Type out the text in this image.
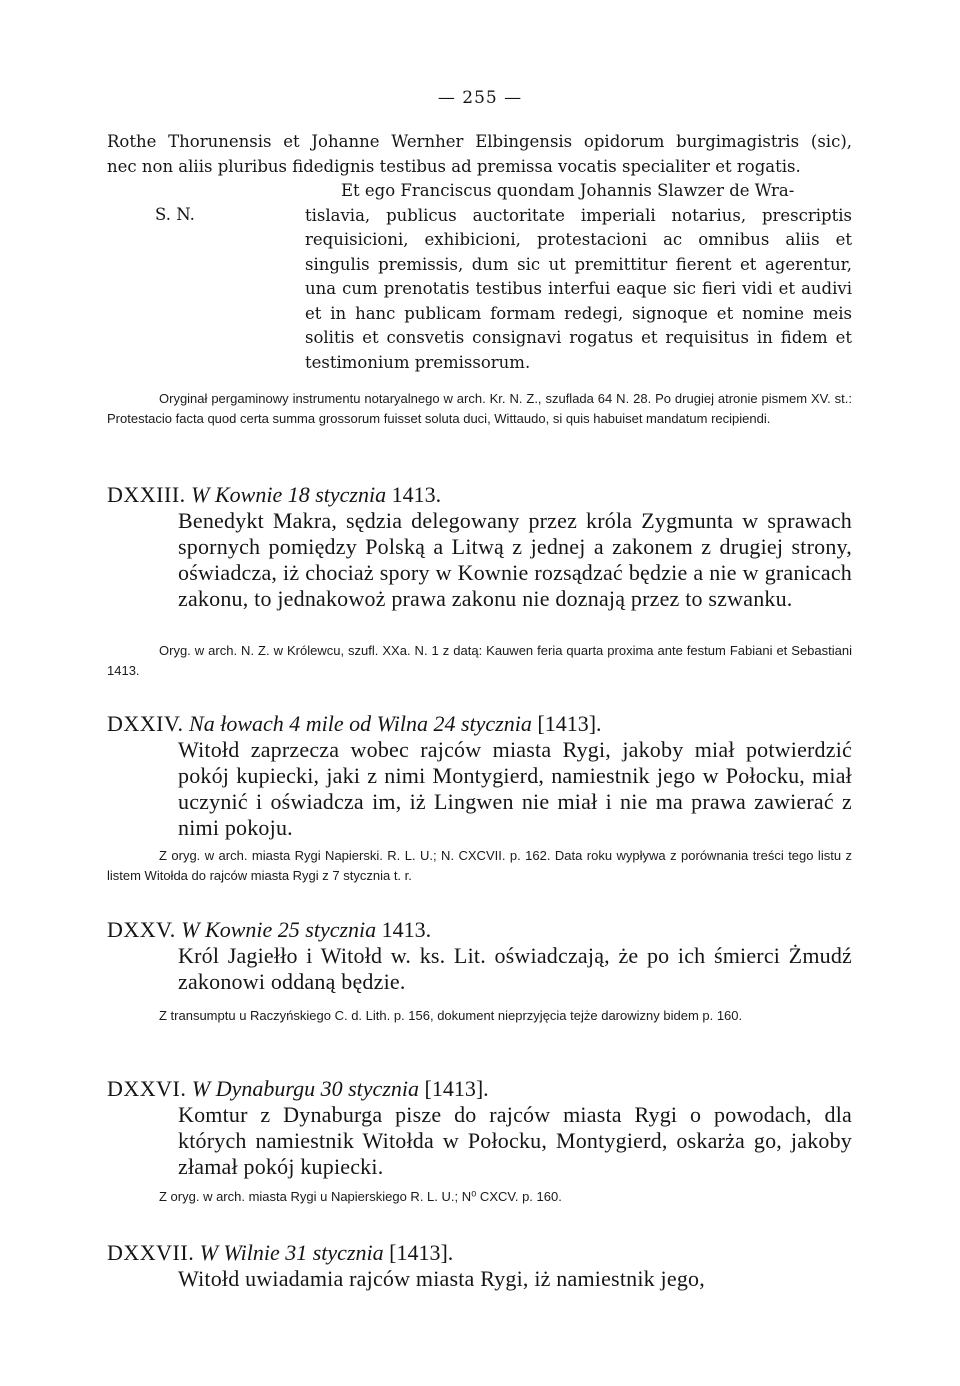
— 255 —

Rothe Thorunensis et Johanne Wernher Elbingensis opidorum burgimagistris (sic),

nec non aliis pluribus fidedignis testibus ad premissa vocatis specialiter et rogatis.

S. N.
Et ego Franciscus quondam Johannis Slawzer de Wra-
tislavia, publicus auctoritate imperiali notarius, prescriptis requisicioni, exhibicioni, protestacioni ac omnibus aliis et singulis premissis, dum sic ut premittitur fierent et agerentur, una cum prenotatis testibus interfui eaque sic fieri vidi et audivi et in hanc publicam formam redegi, signoque et nomine meis solitis et consvetis consignavi rogatus et requisitus in fidem et testimonium premissorum.
Oryginał pergaminowy instrumentu notaryalnego w arch. Kr. N. Z., szuflada 64 N. 28. Po drugiej atronie pismem XV. st.: Protestacio facta quod certa summa grossorum fuisset soluta duci, Wittaudo, si quis habuiset mandatum recipiendi.
DXXIII. W Kownie 18 stycznia 1413.
Benedykt Makra, sędzia delegowany przez króla Zygmunta w sprawach spornych pomiędzy Polską a Litwą z jednej a zakonem z drugiej strony, oświadcza, iż chociaż spory w Kownie rozsądzać będzie a nie w granicach zakonu, to jednakowoż prawa zakonu nie doznają przez to szwanku.
Oryg. w arch. N. Z. w Królewcu, szufl. XXa. N. 1 z datą: Kauwen feria quarta proxima ante festum Fabiani et Sebastiani 1413.
DXXIV. Na łowach 4 mile od Wilna 24 stycznia [1413].
Witołd zaprzecza wobec rajców miasta Rygi, jakoby miał potwierdzić pokój kupiecki, jaki z nimi Montygierd, namiestnik jego w Połocku, miał uczynić i oświadcza im, iż Lingwen nie miał i nie ma prawa zawierać z nimi pokoju.
Z oryg. w arch. miasta Rygi Napierski. R. L. U.; N. CXCVII. p. 162. Data roku wypływa z porównania treści tego listu z listem Witołda do rajców miasta Rygi z 7 stycznia t. r.
DXXV. W Kownie 25 stycznia 1413.
Król Jagiełło i Witołd w. ks. Lit. oświadczają, że po ich śmierci Żmudź zakonowi oddaną będzie.
Z transumptu u Raczyńskiego C. d. Lith. p. 156, dokument nieprzyjęcia tejże darowizny bidem p. 160.
DXXVI. W Dynaburgu 30 stycznia [1413].
Komtur z Dynaburga pisze do rajców miasta Rygi o powodach, dla których namiestnik Witołda w Połocku, Montygierd, oskarża go, jakoby złamał pokój kupiecki.
Z oryg. w arch. miasta Rygi u Napierskiego R. L. U.; N⁰ CXCV. p. 160.
DXXVII. W Wilnie 31 stycznia [1413].
Witołd uwiadamia rajców miasta Rygi, iż namiestnik jego,
